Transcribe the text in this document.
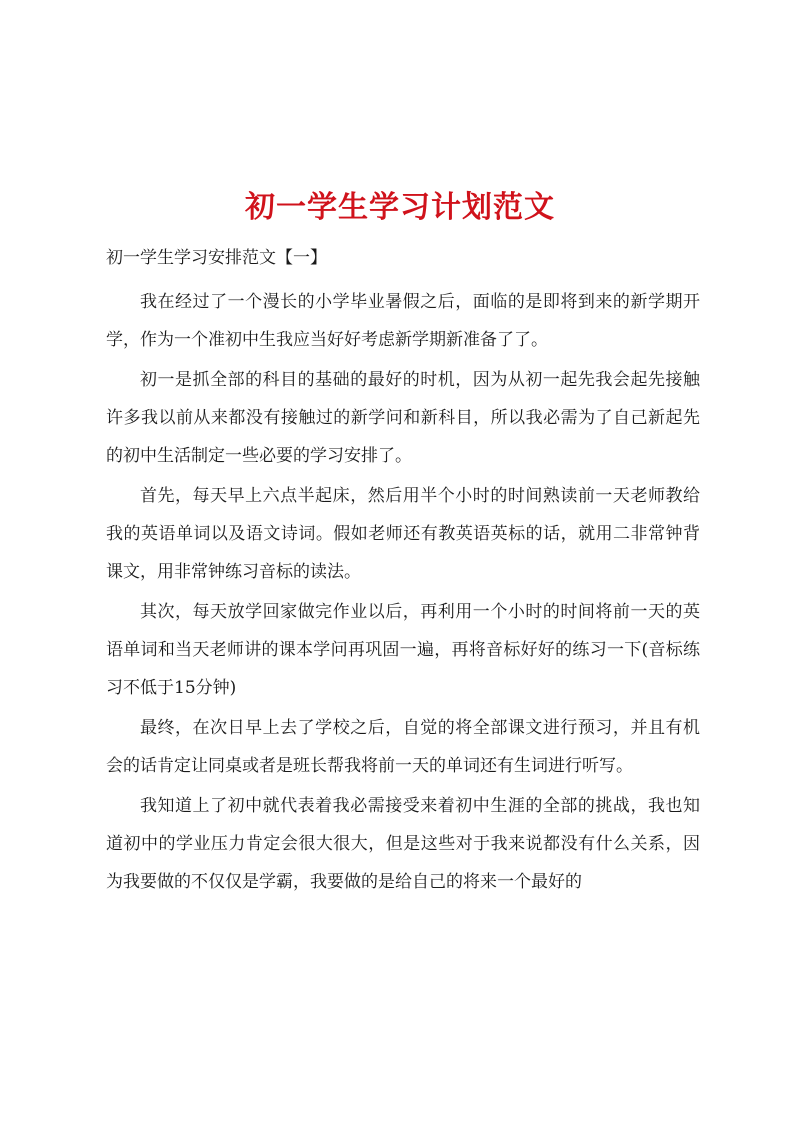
初一学生学习计划范文
初一学生学习安排范文【一】

我在经过了一个漫长的小学毕业暑假之后，面临的是即将到来的新学期开学，作为一个准初中生我应当好好考虑新学期新准备了了。

初一是抓全部的科目的基础的最好的时机，因为从初一起先我会起先接触许多我以前从来都没有接触过的新学问和新科目，所以我必需为了自己新起先的初中生活制定一些必要的学习安排了。

首先，每天早上六点半起床，然后用半个小时的时间熟读前一天老师教给我的英语单词以及语文诗词。假如老师还有教英语英标的话，就用二非常钟背课文，用非常钟练习音标的读法。

其次，每天放学回家做完作业以后，再利用一个小时的时间将前一天的英语单词和当天老师讲的课本学问再巩固一遍，再将音标好好的练习一下(音标练习不低于15分钟)

最终，在次日早上去了学校之后，自觉的将全部课文进行预习，并且有机会的话肯定让同桌或者是班长帮我将前一天的单词还有生词进行听写。

我知道上了初中就代表着我必需接受来着初中生涯的全部的挑战，我也知道初中的学业压力肯定会很大很大，但是这些对于我来说都没有什么关系，因为我要做的不仅仅是学霸，我要做的是给自己的将来一个最好的
